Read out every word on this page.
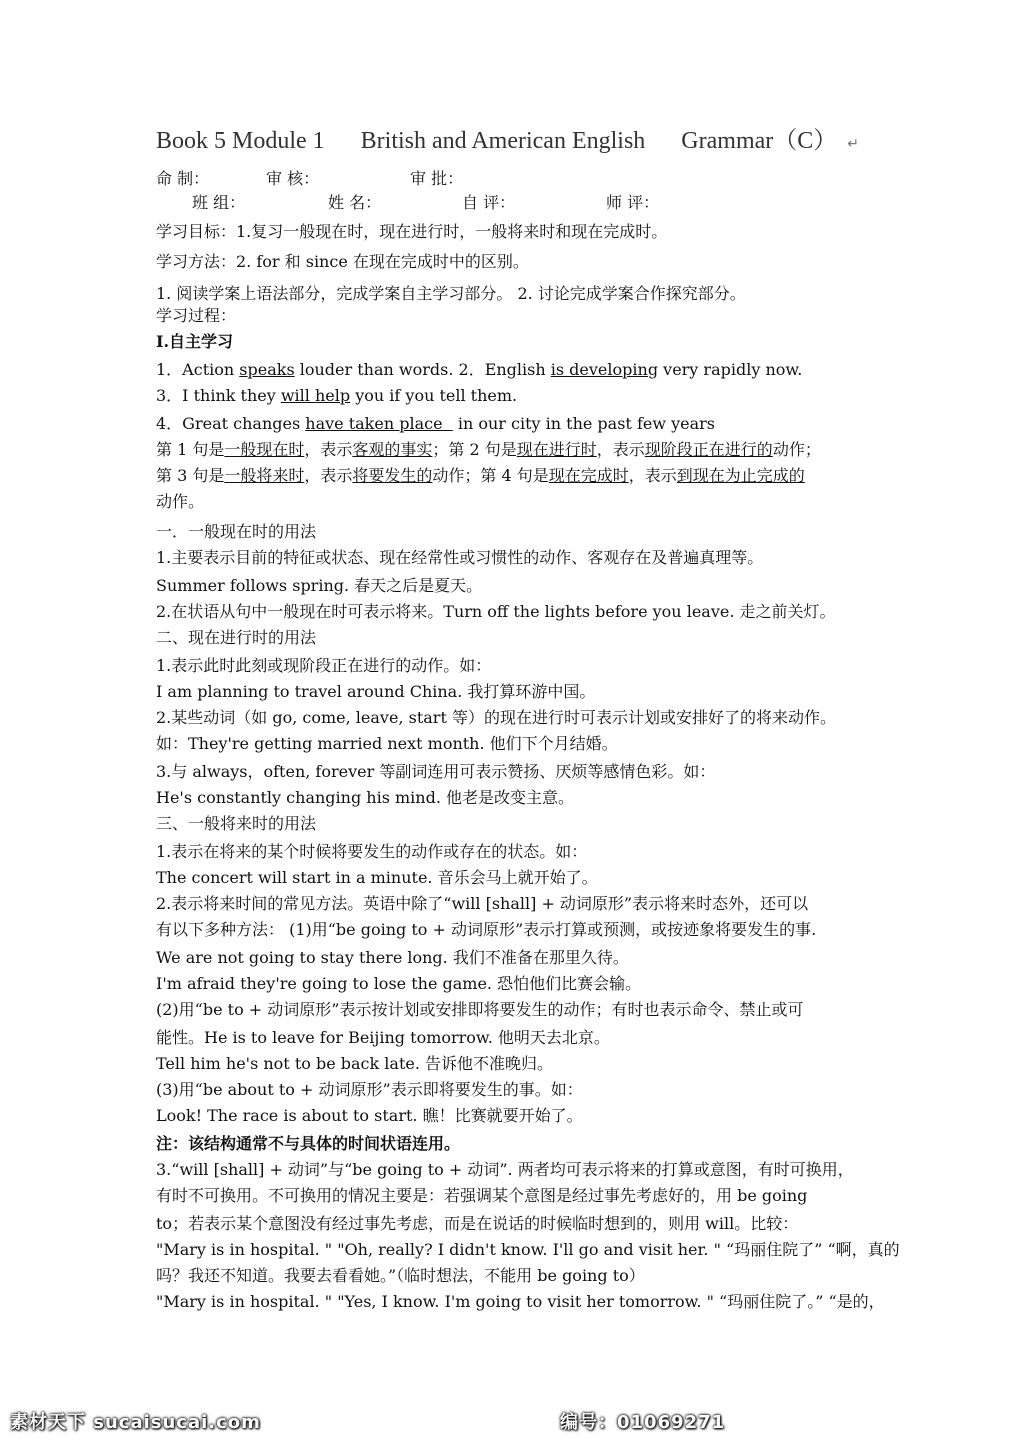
Book 5 Module 1 British and American English Grammar（C） ↵
命 制：	审 核：	审 批：
班 组：	姓 名：	自 评：	师 评：
学习目标：1.复习一般现在时，现在进行时，一般将来时和现在完成时。
学习方法：2. for 和 since 在现在完成时中的区别。
1. 阅读学案上语法部分，完成学案自主学习部分。 2. 讨论完成学案合作探究部分。
学习过程：
Ⅰ.自主学习
1．Action speaks louder than words. 2．English is developing very rapidly now.
3．I think they will help you if you tell them.
4．Great changes have taken place   in our city in the past few years
第 1 句是一般现在时，表示客观的事实；第 2 句是现在进行时，表示现阶段正在进行的动作；
第 3 句是一般将来时，表示将要发生的动作；第 4 句是现在完成时，表示到现在为止完成的
动作。
一．一般现在时的用法
1.主要表示目前的特征或状态、现在经常性或习惯性的动作、客观存在及普遍真理等。
Summer follows spring. 春天之后是夏天。
2.在状语从句中一般现在时可表示将来。Turn off the lights before you leave. 走之前关灯。
二、现在进行时的用法
1.表示此时此刻或现阶段正在进行的动作。如：
I am planning to travel around China. 我打算环游中国。
2.某些动词（如 go, come, leave, start 等）的现在进行时可表示计划或安排好了的将来动作。
如：They're getting married next month. 他们下个月结婚。
3.与 always，often, forever 等副词连用可表示赞扬、厌烦等感情色彩。如：
He's constantly changing his mind. 他老是改变主意。
三、一般将来时的用法
1.表示在将来的某个时候将要发生的动作或存在的状态。如：
The concert will start in a minute. 音乐会马上就开始了。
2.表示将来时间的常见方法。英语中除了“will [shall] + 动词原形”表示将来时态外，还可以
有以下多种方法： (1)用“be going to + 动词原形”表示打算或预测，或按迹象将要发生的事.
We are not going to stay there long. 我们不准备在那里久待。
I'm afraid they're going to lose the game. 恐怕他们比赛会输。
(2)用“be to + 动词原形”表示按计划或安排即将要发生的动作；有时也表示命令、禁止或可
能性。He is to leave for Beijing tomorrow. 他明天去北京。
Tell him he's not to be back late. 告诉他不准晚归。
(3)用“be about to + 动词原形”表示即将要发生的事。如：
Look! The race is about to start. 瞧！比赛就要开始了。
注：该结构通常不与具体的时间状语连用。
3.“will [shall] + 动词”与“be going to + 动词”. 两者均可表示将来的打算或意图，有时可换用，
有时不可换用。不可换用的情况主要是：若强调某个意图是经过事先考虑好的，用 be going
to；若表示某个意图没有经过事先考虑，而是在说话的时候临时想到的，则用 will。比较：
"Mary is in hospital. " "Oh, really? I didn't know. I'll go and visit her. " “玛丽住院了” “啊，真的
吗？我还不知道。我要去看看她。”（临时想法，不能用 be going to）
"Mary is in hospital. " "Yes, I know. I'm going to visit her tomorrow. " “玛丽住院了。” “是的，
素材天下 sucaisucai.com	编号：01069271
